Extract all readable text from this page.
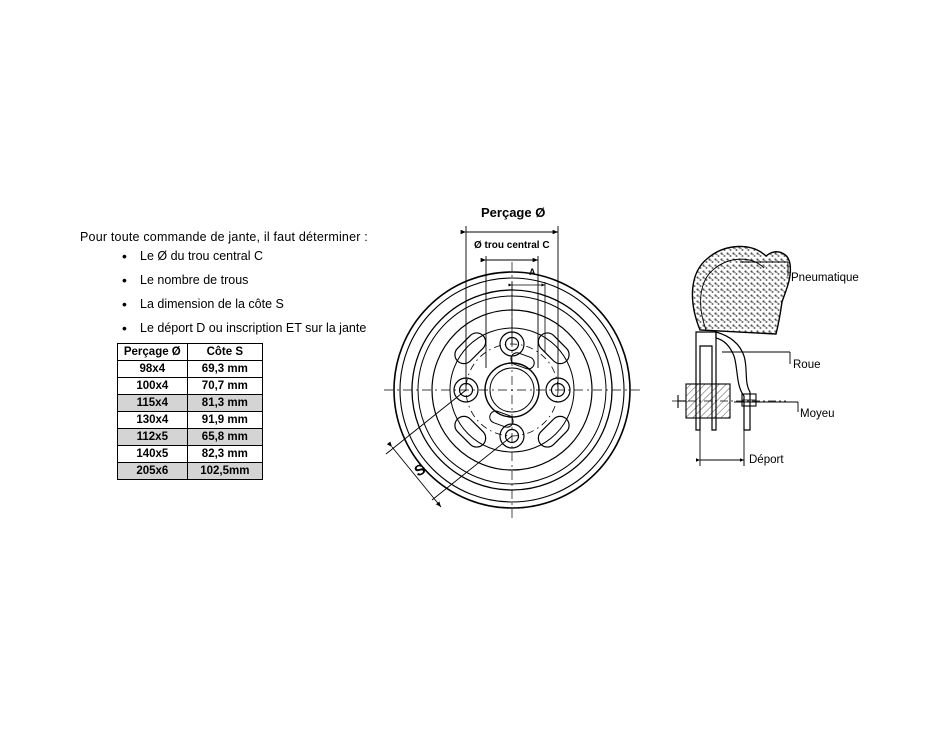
Pour toute commande de jante, il faut déterminer :
• Le Ø du trou central C
• Le nombre de trous
• La dimension de la côte S
• Le déport D ou inscription ET sur la jante
Perçage Ø	Côte S
98x4	69,3 mm
100x4	70,7 mm
115x4	81,3 mm
130x4	91,9 mm
112x5	65,8 mm
140x5	82,3 mm
205x6	102,5mm
Perçage Ø
Ø trou central C
A
S
Pneumatique
Roue
Moyeu
Déport
